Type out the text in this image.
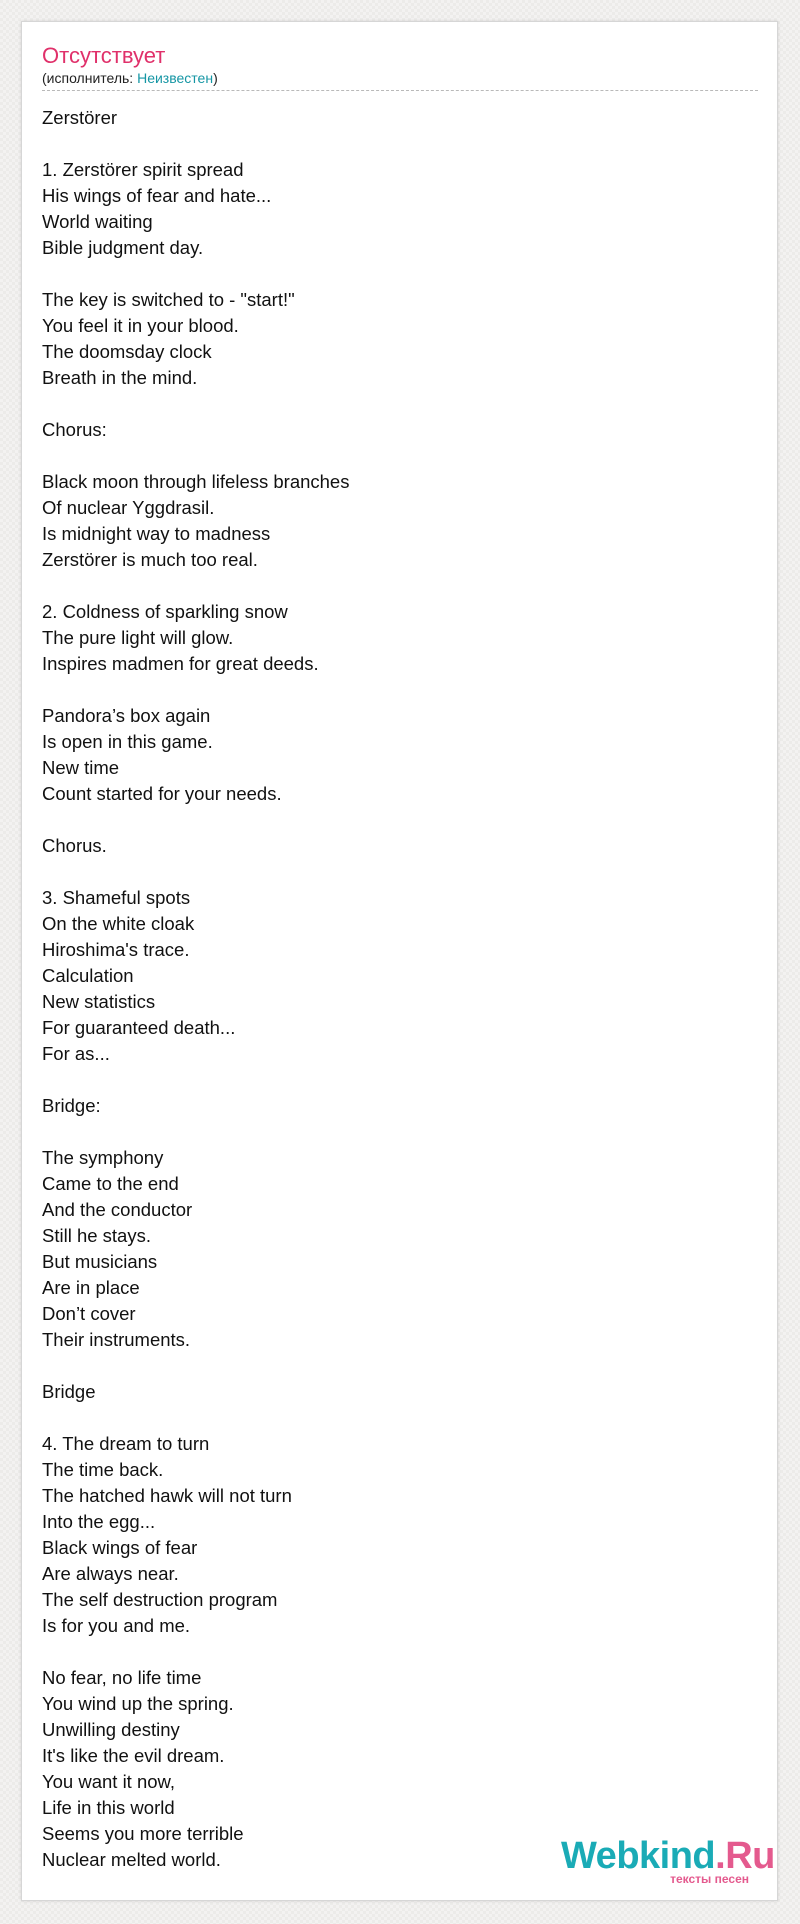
Отсутствует
(исполнитель: Неизвестен)
Zerstörer
1. Zerstörer spirit spread
His wings of fear and hate...
World waiting
Bible judgment day.
The key is switched to - "start!"
You feel it in your blood.
The doomsday clock
Breath in the mind.
Chorus:
Black moon through lifeless branches
Of nuclear Yggdrasil.
Is midnight way to madness
Zerstörer is much too real.
2. Coldness of sparkling snow
The pure light will glow.
Inspires madmen for great deeds.
Pandora’s box again
Is open in this game.
New time
Count started for your needs.
Chorus.
3. Shameful spots
On the white cloak
Hiroshima's trace.
Calculation
New statistics
For guaranteed death...
For as...
Bridge:
The symphony
Came to the end
And the conductor
Still he stays.
But musicians
Are in place
Don’t cover
Their instruments.
Bridge
4. The dream to turn
The time back.
The hatched hawk will not turn
Into the egg...
Black wings of fear
Are always near.
The self destruction program
Is for you and me.
No fear, no life time
You wind up the spring.
Unwilling destiny
It's like the evil dream.
You want it now,
Life in this world
Seems you more terrible
Nuclear melted world.	Webkind.Ru
тексты песен
